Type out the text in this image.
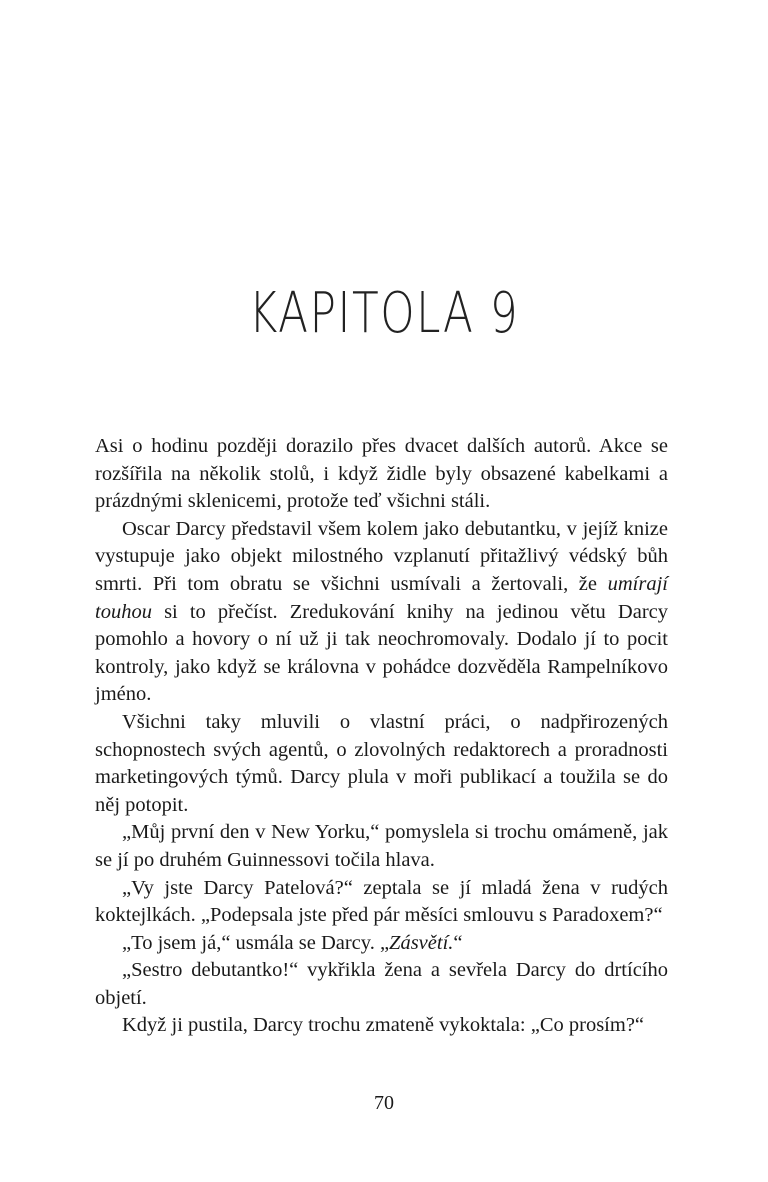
KAPITOLA 9

Asi o hodinu později dorazilo přes dvacet dalších autorů. Akce se rozšířila na několik stolů, i když židle byly obsazené kabelkami a prázdnými sklenicemi, protože teď všichni stáli.

Oscar Darcy představil všem kolem jako debutantku, v jejíž knize vystupuje jako objekt milostného vzplanutí přitažlivý védský bůh smrti. Při tom obratu se všichni usmívali a žertovali, že umírají touhou si to přečíst. Zredukování knihy na jedinou větu Darcy pomohlo a hovory o ní už ji tak neochromovaly. Dodalo jí to pocit kontroly, jako když se královna v pohádce dozvěděla Rampelníkovo jméno.

Všichni taky mluvili o vlastní práci, o nadpřirozených schopnostech svých agentů, o zlovolných redaktorech a proradnosti marketingových týmů. Darcy plula v moři publikací a toužila se do něj potopit.

„Můj první den v New Yorku,“ pomyslela si trochu omámeně, jak se jí po druhém Guinnessovi točila hlava.

„Vy jste Darcy Patelová?“ zeptala se jí mladá žena v rudých koktejlkách. „Podepsala jste před pár měsíci smlouvu s Paradoxem?“

„To jsem já,“ usmála se Darcy. „Zásvětí.“

„Sestro debutantko!“ vykřikla žena a sevřela Darcy do drtícího objetí.

Když ji pustila, Darcy trochu zmateně vykoktala: „Co prosím?“

70
